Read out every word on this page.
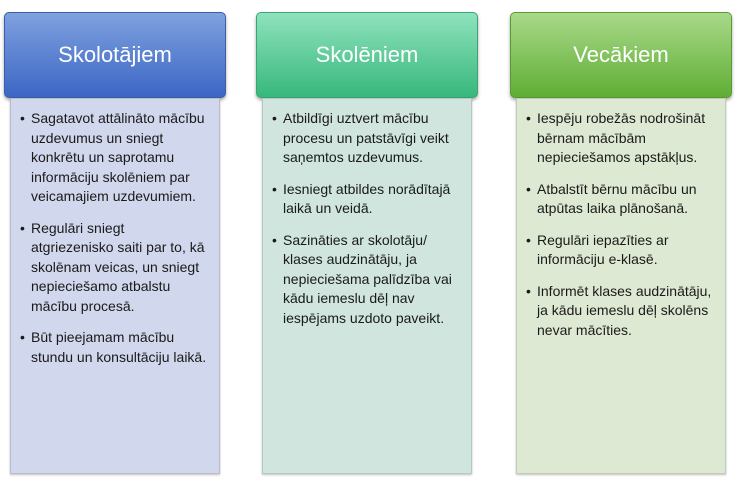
Skolotājiem
• Sagatavot attālināto mācību uzdevumus un sniegt konkrētu un saprotamu informāciju skolēniem par veicamajiem uzdevumiem.
• Regulāri sniegt atgriezenisko saiti par to, kā skolēnam veicas, un sniegt nepieciešamo atbalstu mācību procesā.
• Būt pieejamam mācību stundu un konsultāciju laikā.
Skolēniem
• Atbildīgi uztvert mācību procesu un patstāvīgi veikt saņemtos uzdevumus.
• Iesniegt atbildes norādītajā laikā un veidā.
• Sazināties ar skolotāju/ klases audzinātāju, ja nepieciešama palīdzība vai kādu iemeslu dēļ nav iespējams uzdoto paveikt.
Vecākiem
• Iespēju robežās nodrošināt bērnam mācībām nepieciešamos apstākļus.
• Atbalstīt bērnu mācību un atpūtas laika plānošanā.
• Regulāri iepazīties ar informāciju e-klasē.
• Informēt klases audzinātāju, ja kādu iemeslu dēļ skolēns nevar mācīties.
